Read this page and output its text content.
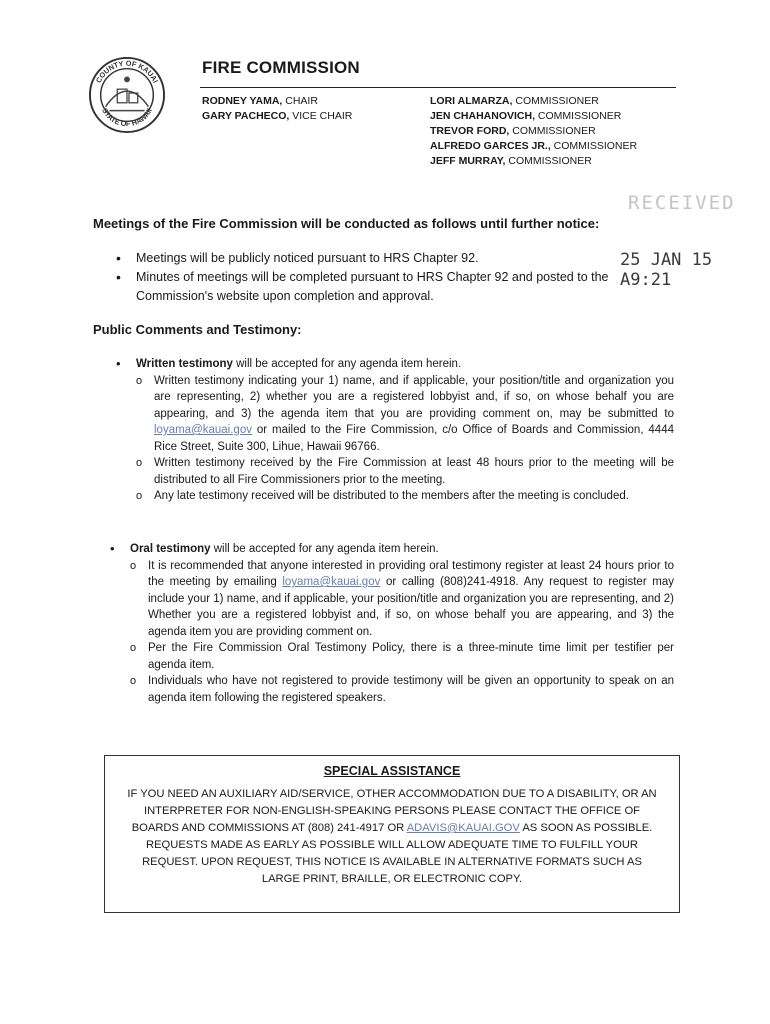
COUNTY OF KAUAI
STATE OF HAWAII
FIRE COMMISSION
RODNEY YAMA, CHAIR
GARY PACHECO, VICE CHAIR
LORI ALMARZA, COMMISSIONER
JEN CHAHANOVICH, COMMISSIONER
TREVOR FORD, COMMISSIONER
ALFREDO GARCES JR., COMMISSIONER
JEFF MURRAY, COMMISSIONER
RECEIVED
25 JAN 15 A9:21
Meetings of the Fire Commission will be conducted as follows until further notice:
• Meetings will be publicly noticed pursuant to HRS Chapter 92.
• Minutes of meetings will be completed pursuant to HRS Chapter 92 and posted to the Commission's website upon completion and approval.
Public Comments and Testimony:
• Written testimony will be accepted for any agenda item herein.
o Written testimony indicating your 1) name, and if applicable, your position/title and organization you are representing, 2) whether you are a registered lobbyist and, if so, on whose behalf you are appearing, and 3) the agenda item that you are providing comment on, may be submitted to loyama@kauai.gov or mailed to the Fire Commission, c/o Office of Boards and Commission, 4444 Rice Street, Suite 300, Lihue, Hawaii 96766.
o Written testimony received by the Fire Commission at least 48 hours prior to the meeting will be distributed to all Fire Commissioners prior to the meeting.
o Any late testimony received will be distributed to the members after the meeting is concluded.
• Oral testimony will be accepted for any agenda item herein.
o It is recommended that anyone interested in providing oral testimony register at least 24 hours prior to the meeting by emailing loyama@kauai.gov or calling (808)241-4918. Any request to register may include your 1) name, and if applicable, your position/title and organization you are representing, and 2) Whether you are a registered lobbyist and, if so, on whose behalf you are appearing, and 3) the agenda item you are providing comment on.
o Per the Fire Commission Oral Testimony Policy, there is a three-minute time limit per testifier per agenda item.
o Individuals who have not registered to provide testimony will be given an opportunity to speak on an agenda item following the registered speakers.
SPECIAL ASSISTANCE
IF YOU NEED AN AUXILIARY AID/SERVICE, OTHER ACCOMMODATION DUE TO A DISABILITY, OR AN INTERPRETER FOR NON-ENGLISH-SPEAKING PERSONS PLEASE CONTACT THE OFFICE OF BOARDS AND COMMISSIONS AT (808) 241-4917 OR ADAVIS@KAUAI.GOV AS SOON AS POSSIBLE. REQUESTS MADE AS EARLY AS POSSIBLE WILL ALLOW ADEQUATE TIME TO FULFILL YOUR REQUEST. UPON REQUEST, THIS NOTICE IS AVAILABLE IN ALTERNATIVE FORMATS SUCH AS LARGE PRINT, BRAILLE, OR ELECTRONIC COPY.
